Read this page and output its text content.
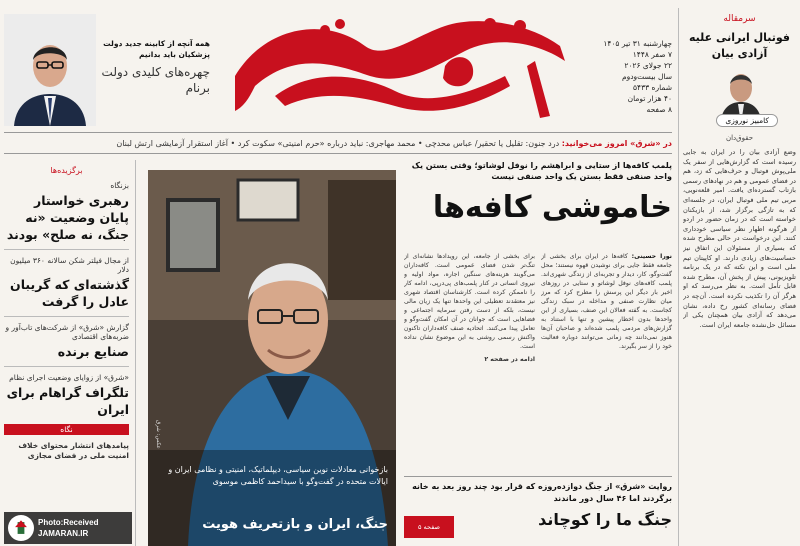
چهارشنبه ۳۱ تیر ۱۴۰۵
۷ صفر ۱۴۴۸
۲۲ جولای ۲۰۲۶
سال بیست‌ودوم
شماره ۵۴۳۳
۴۰ هزار تومان
۸ صفحه
همه آنچه از کابینه جدید دولت پزشکیان باید بدانیم
چهره‌های کلیدی دولت برنام
در «شرق» امروز می‌خوانید: درد جنون: تقلیل یا تحقیر/ عباس محدچی • محمد مهاجری: نباید درباره «حرم امنیتی» سکوت کرد • آغاز استقرار آزمایشی ارتش لبنان
سرمقاله
فوتبال ایرانی علیه آزادی بیان
کامبیز نوروزی
حقوق‌دان
وضع آزادی بیان را در ایران به جایی رسیده است که گزارش‌هایی از سفر یک ملی‌پوش فوتبال و حرف‌هایی که زد، هم در فضای عمومی و هم در نهادهای رسمی بازتاب گسترده‌ای یافت. امیر قلعه‌نویی، مربی تیم ملی فوتبال ایران، در جلسه‌ای که به تازگی برگزار شد، از بازیکنان خواسته است که در زمان حضور در اردو از هرگونه اظهار نظر سیاسی خودداری کنند. این درخواست در حالی مطرح شده که بسیاری از مسئولان این اتفاق نیز حساسیت‌های زیادی دارند. او کاپیتان تیم ملی است و این نکته که در یک برنامه تلویزیونی، پیش از پخش آن، مطرح شده قابل تأمل است. به نظر می‌رسد که او هرگز آن را تکذیب نکرده است. آن‌چه در فضای رسانه‌ای کشور رخ داده، نشان می‌دهد که آزادی بیان همچنان یکی از مسائل حل‌نشده جامعه ایران است.
برگزیده‌ها
بزنگاه
رهبری خواستار پایان وضعیت «نه جنگ، نه صلح» بودند
از مجال فیلتر شکن سالانه ۳۶۰ میلیون دلار
گذشته‌ای که گریبان عادل را گرفت
گزارش «شرق» از شرکت‌های تاب‌آور و ضربه‌های اقتصادی
صنایع برنده
«شرق» از زوایای وضعیت اجرای نظام
تلگراف گراهام برای ایران
نگاه
پیامدهای انتشار محتوای خلاف امنیت ملی در فضای مجازی
عکس: شرق
بازخوانی معادلات نوین سیاسی، دیپلماتیک، امنیتی و نظامی ایران و ایالات متحده در گفت‌وگو با سیداحمد کاظمی موسوی
جنگ، ایران و بازتعریف هویت
پلمب کافه‌ها از ستایی و ابراهشم را نوفل لوشاتو؛ وقتی بستن یک واحد صنفی فقط بستن یک واحد صنفی نیست
خاموشی کافه‌ها
نورا حسینی: کافه‌ها در ایران برای بخشی از جامعه فقط جایی برای نوشیدن قهوه نیستند؛ محل گفت‌وگو، کار، دیدار و تجربه‌ای از زندگی شهری‌اند. پلمب کافه‌های نوفل لوشاتو و ستایی در روزهای اخیر بار دیگر این پرسش را مطرح کرد که مرز میان نظارت صنفی و مداخله در سبک زندگی کجاست. به گفته فعالان این صنف، بسیاری از این واحدها بدون اخطار پیشین و تنها با استناد به گزارش‌های مردمی پلمب شده‌اند و صاحبان آن‌ها هنوز نمی‌دانند چه زمانی می‌توانند دوباره فعالیت خود را از سر بگیرند.
برای بخشی از جامعه، این رویدادها نشانه‌ای از تنگ‌تر شدن فضای عمومی است. کافه‌داران می‌گویند هزینه‌های سنگین اجاره، مواد اولیه و نیروی انسانی در کنار پلمب‌های پی‌درپی، ادامه کار را ناممکن کرده است. کارشناسان اقتصاد شهری نیز معتقدند تعطیلی این واحدها تنها یک زیان مالی نیست، بلکه از دست رفتن سرمایه اجتماعی و فضاهایی است که جوانان در آن امکان گفت‌وگو و تعامل پیدا می‌کنند. اتحادیه صنف کافه‌داران تاکنون واکنش رسمی روشنی به این موضوع نشان نداده است.
ادامه در صفحه ۲
روایت «شرق» از جنگ دوازده‌روزه که قرار بود چند روز بعد به خانه برگردند اما ۴۶ سال دور ماندند
جنگ ما را کوچاند
صفحه ۵
Photo:Received
JAMARAN.IR
